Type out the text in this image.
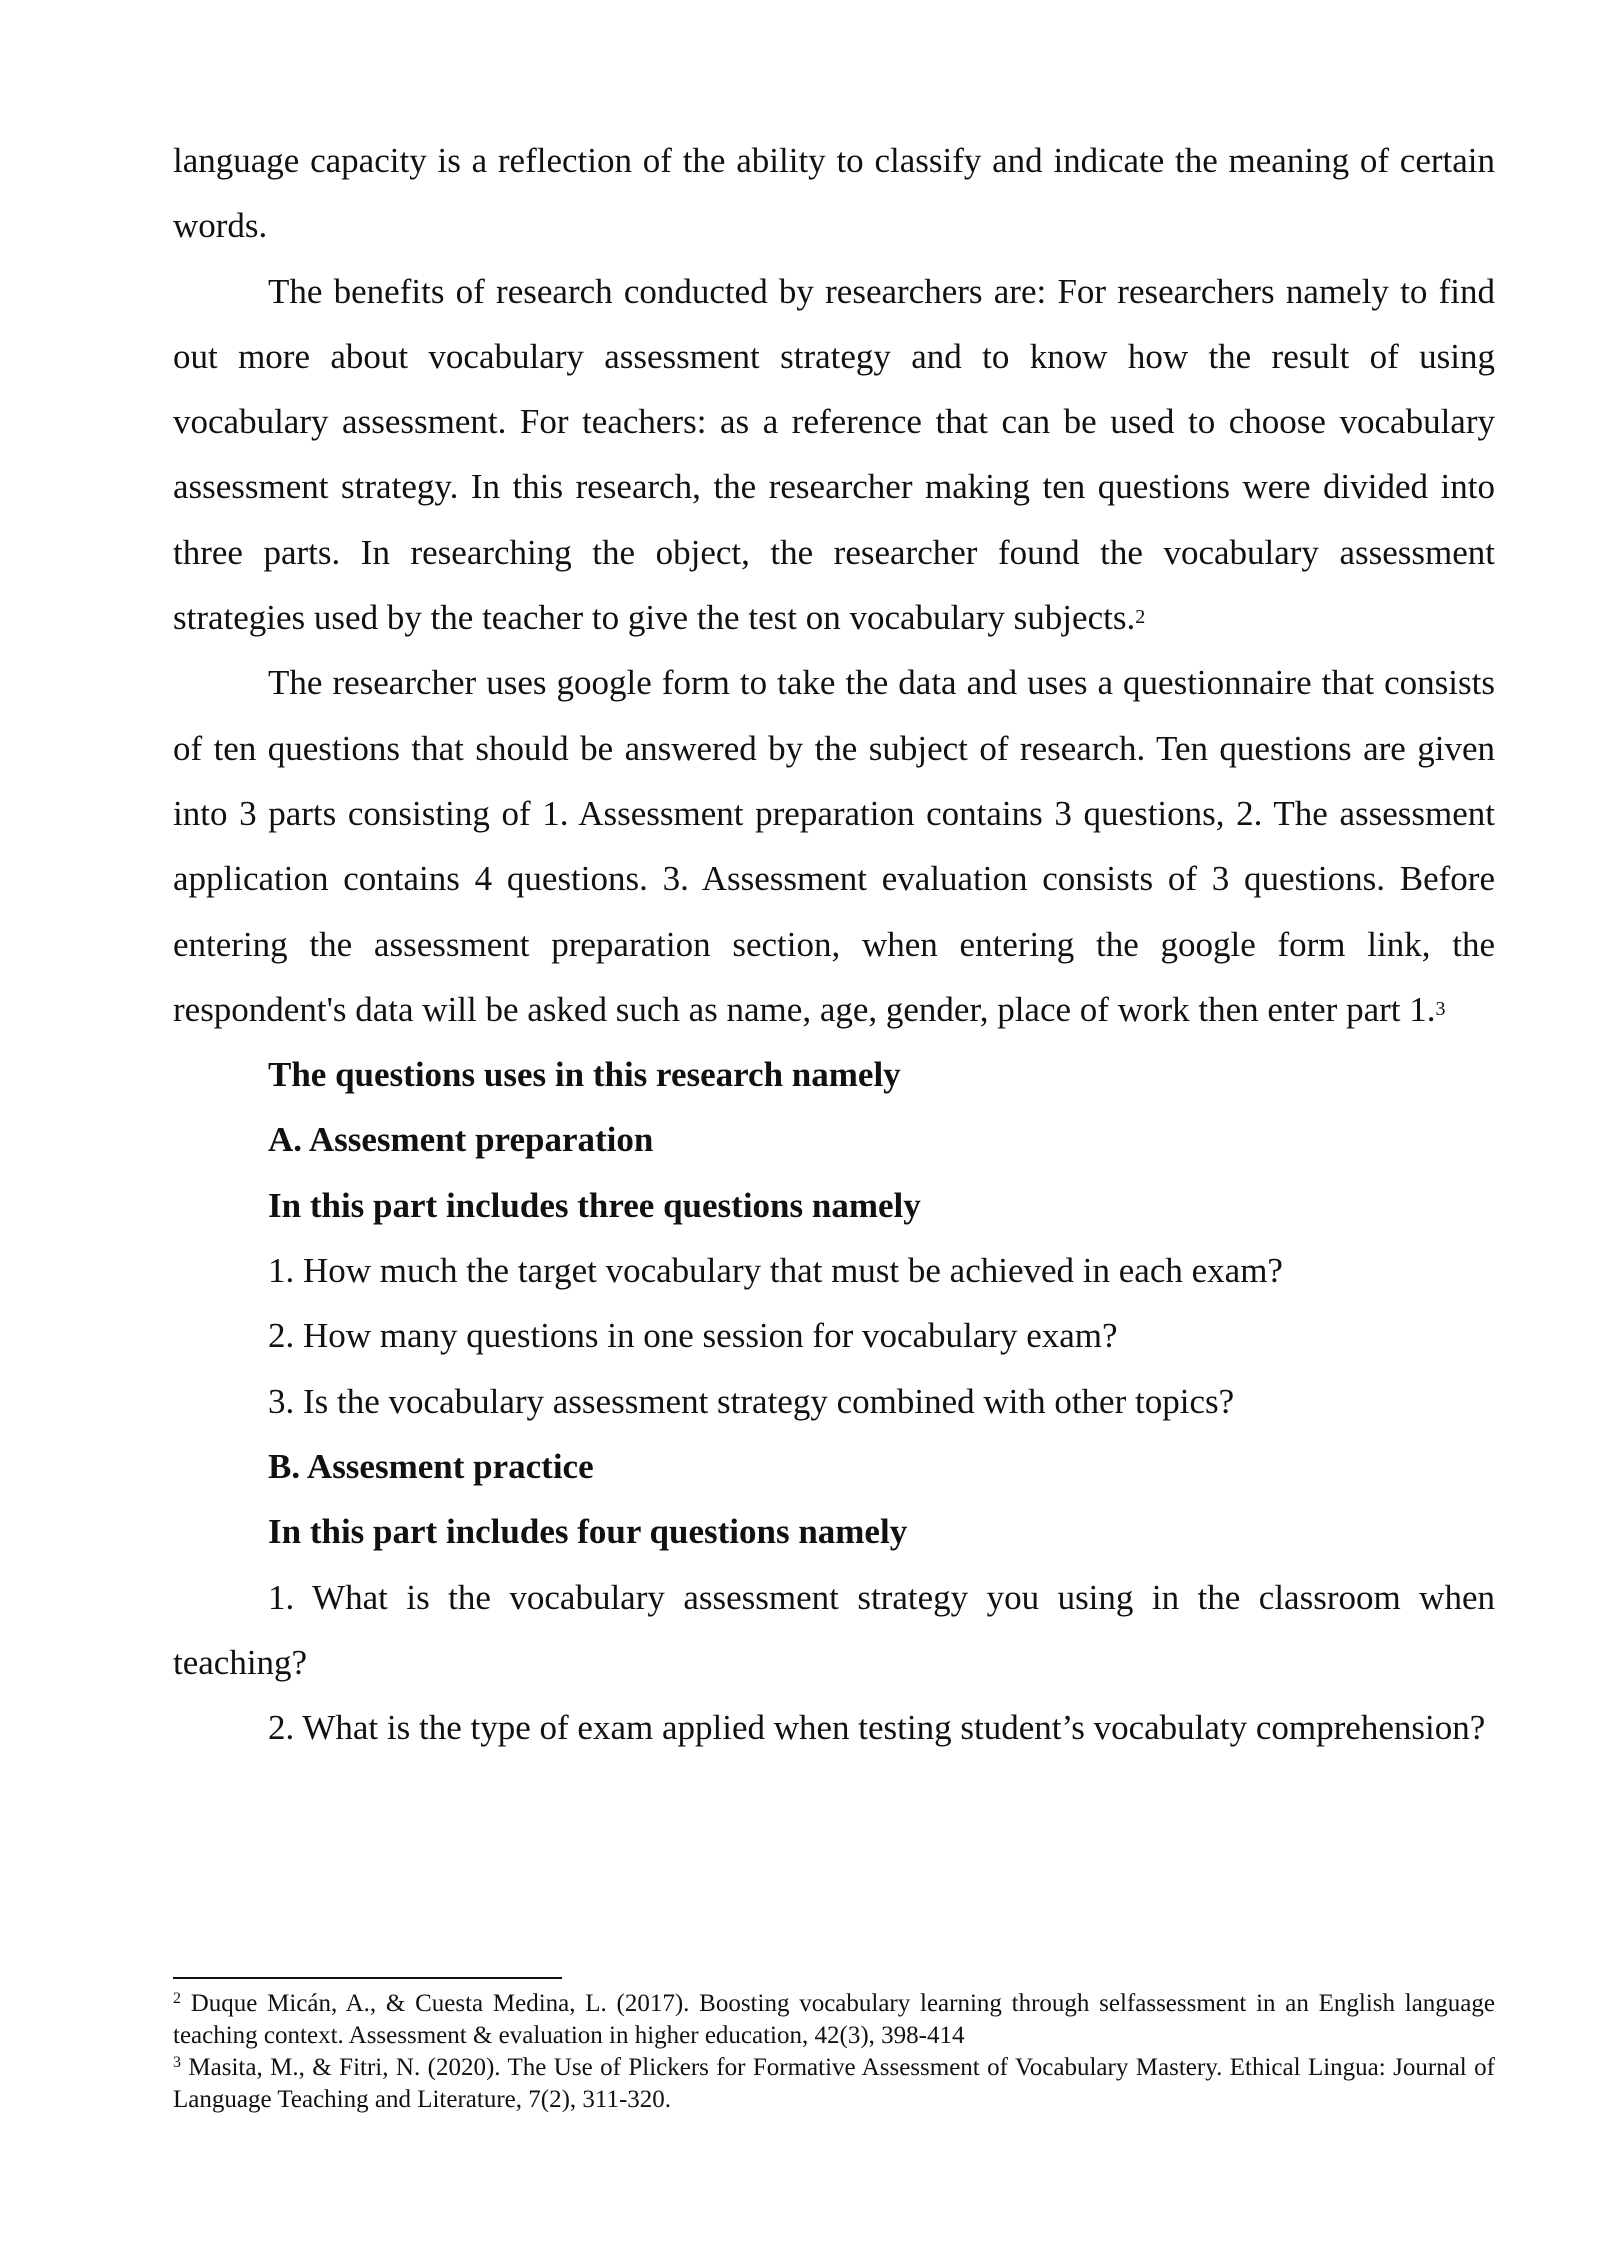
language capacity is a reflection of the ability to classify and indicate the meaning of certain words.

The benefits of research conducted by researchers are: For researchers namely to find out more about vocabulary assessment strategy and to know how the result of using vocabulary assessment. For teachers: as a reference that can be used to choose vocabulary assessment strategy. In this research, the researcher making ten questions were divided into three parts. In researching the object, the researcher found the vocabulary assessment strategies used by the teacher to give the test on vocabulary subjects.$^2$

The researcher uses google form to take the data and uses a questionnaire that consists of ten questions that should be answered by the subject of research. Ten questions are given into 3 parts consisting of 1. Assessment preparation contains 3 questions, 2. The assessment application contains 4 questions. 3. Assessment evaluation consists of 3 questions. Before entering the assessment preparation section, when entering the google form link, the respondent's data will be asked such as name, age, gender, place of work then enter part 1.$^3$

The questions uses in this research namely

A. Assesment preparation

In this part includes three questions namely

1. How much the target vocabulary that must be achieved in each exam?

2. How many questions in one session for vocabulary exam?

3. Is the vocabulary assessment strategy combined with other topics?

B. Assesment practice

In this part includes four questions namely

1. What is the vocabulary assessment strategy you using in the classroom when teaching?

2. What is the type of exam applied when testing student’s vocabulaty comprehension?

$^2$ Duque Micán, A., & Cuesta Medina, L. (2017). Boosting vocabulary learning through selfassessment in an English language teaching context. Assessment & evaluation in higher education, 42(3), 398-414

$^3$ Masita, M., & Fitri, N. (2020). The Use of Plickers for Formative Assessment of Vocabulary Mastery. Ethical Lingua: Journal of Language Teaching and Literature, 7(2), 311-320.
